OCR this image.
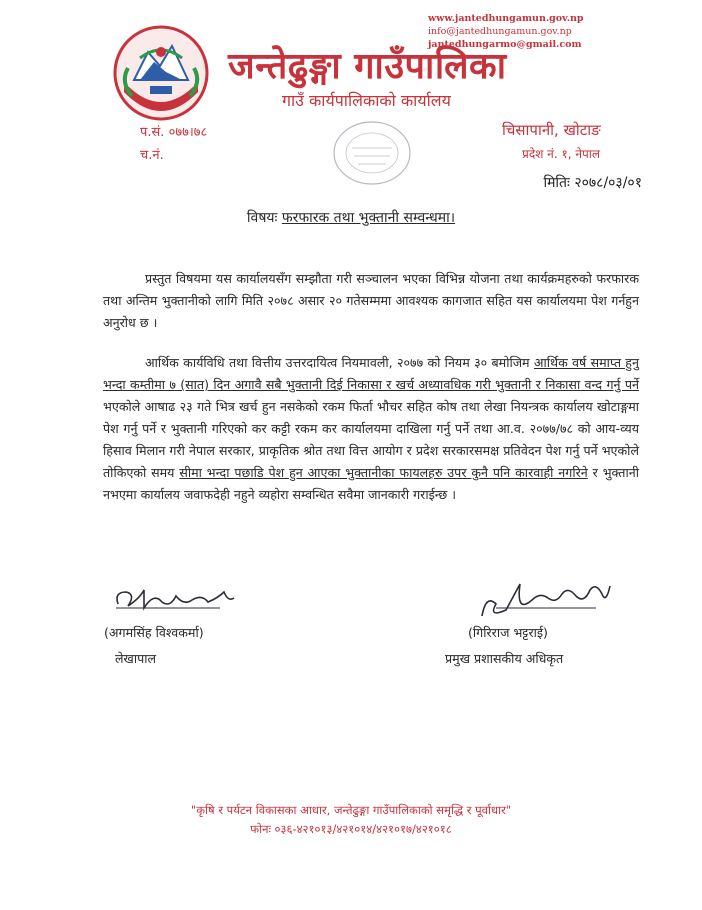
www.jantedhungamun.gov.np
info@jantedhungamun.gov.np
jantedhungarmo@gmail.com
जन्तेढुङ्गा गाउँपालिका
गाउँ कार्यपालिकाको कार्यालय
प.सं. ०७७।७८
च.नं.
चिसापानी, खोटाङ
प्रदेश नं. १, नेपाल
मितिः २०७८/०३/०१
विषयः फरफारक तथा भुक्तानी सम्वन्धमा।
प्रस्तुत विषयमा यस कार्यालयसँग सम्झौता गरी सञ्चालन भएका विभिन्न योजना तथा कार्यक्रमहरुको फरफारक तथा अन्तिम भुक्तानीको लागि मिति २०७८ असार २० गतेसम्ममा आवश्यक कागजात सहित यस कार्यालयमा पेश गर्नहुन अनुरोध छ ।
आर्थिक कार्यविधि तथा वित्तीय उत्तरदायित्व नियमावली, २०७७ को नियम ३० बमोजिम आर्थिक वर्ष समाप्त हुनु भन्दा कम्तीमा ७ (सात) दिन अगावै सबै भुक्तानी दिई निकासा र खर्च अध्यावधिक गरी भुक्तानी र निकासा वन्द गर्नु पर्ने भएकोले आषाढ २३ गते भित्र खर्च हुन नसकेको रकम फिर्ता भौचर सहित कोष तथा लेखा नियन्त्रक कार्यालय खोटाङ्गमा पेश गर्नु पर्ने र भुक्तानी गरिएको कर कट्टी रकम कर कार्यालयमा दाखिला गर्नु पर्ने तथा आ.व. २०७७/७८ को आय-व्यय हिसाव मिलान गरी नेपाल सरकार, प्राकृतिक श्रोत तथा वित्त आयोग र प्रदेश सरकारसमक्ष प्रतिवेदन पेश गर्नु पर्ने भएकोले तोकिएको समय सीमा भन्दा पछाडि पेश हुन आएका भुक्तानीका फायलहरु उपर कुनै पनि कारवाही नगरिने र भुक्तानी नभएमा कार्यालय जवाफदेही नहुने व्यहोरा सम्वन्धित सवैमा जानकारी गराईन्छ ।
(अगमसिंह विश्वकर्मा)
लेखापाल
(गिरिराज भट्टराई)
प्रमुख प्रशासकीय अधिकृत
"कृषि र पर्यटन विकासका आधार, जन्तेढुङ्गा गाउँपालिकाको समृद्धि र पूर्वाधार"
फोनः ०३६-४२१०१३/४२१०१४/४२१०१७/४२१०१८
